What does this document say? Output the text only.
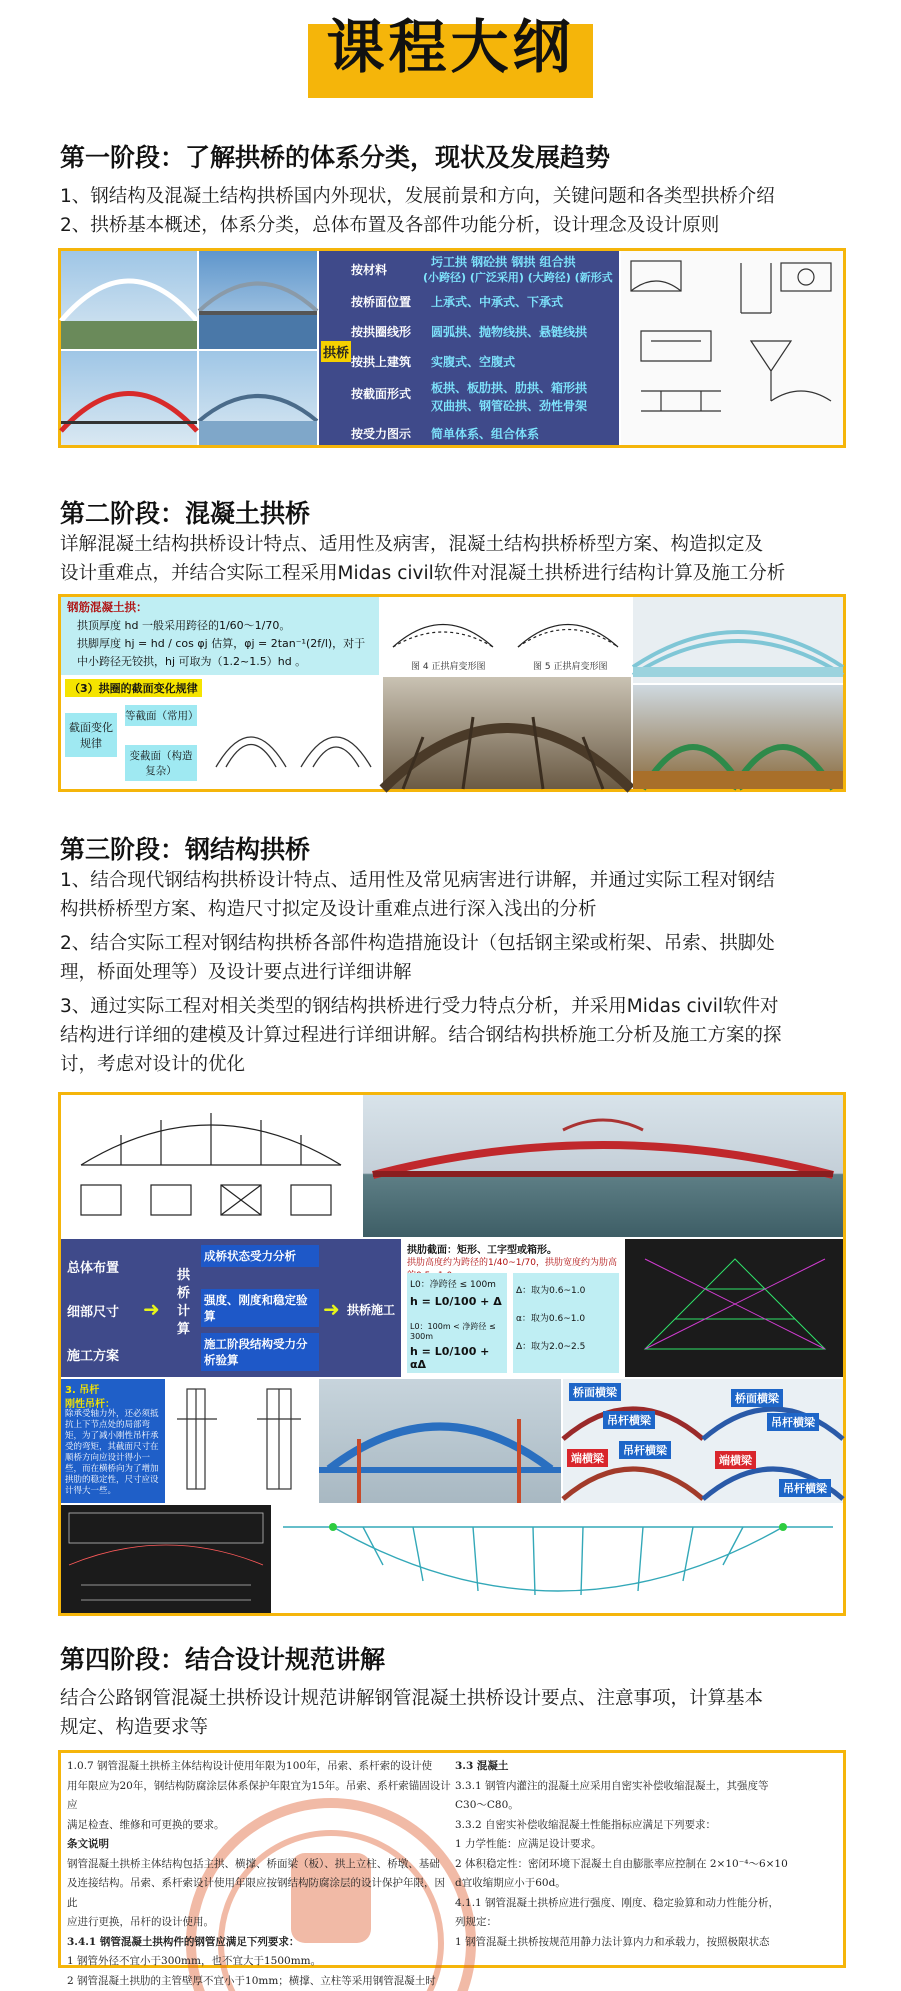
课程大纲
第一阶段：了解拱桥的体系分类，现状及发展趋势

1、钢结构及混凝土结构拱桥国内外现状，发展前景和方向，关键问题和各类型拱桥介绍

2、拱桥基本概述，体系分类，总体布置及各部件功能分析，设计理念及设计原则

拱桥
按材料
圬工拱 钢砼拱 钢拱 组合拱
(小跨径) (广泛采用) (大跨径) (新形式
按桥面位置 上承式、中承式、下承式
按拱圈线形 圆弧拱、抛物线拱、悬链线拱
按拱上建筑 实腹式、空腹式
按截面形式 板拱、板肋拱、肋拱、箱形拱
双曲拱、钢管砼拱、劲性骨架
按受力图示 简单体系、组合体系
第二阶段：混凝土拱桥

详解混凝土结构拱桥设计特点、适用性及病害，混凝土结构拱桥桥型方案、构造拟定及

设计重难点，并结合实际工程采用Midas civil软件对混凝土拱桥进行结构计算及施工分析

钢筋混凝土拱：
拱顶厚度 hd 一般采用跨径的1/60～1/70。
拱脚厚度 hj = hd / cos φj 估算，φj = 2tan⁻¹(2f/l)，对于
中小跨径无铰拱，hj 可取为（1.2~1.5）hd 。
（3）拱圈的截面变化规律
截面变化规律
等截面（常用）
变截面（构造复杂）
图 4 正拱肩变形图	图 5 正拱肩变形图
第三阶段：钢结构拱桥

1、结合现代钢结构拱桥设计特点、适用性及常见病害进行讲解，并通过实际工程对钢结

构拱桥桥型方案、构造尺寸拟定及设计重难点进行深入浅出的分析

2、结合实际工程对钢结构拱桥各部件构造措施设计（包括钢主梁或桁架、吊索、拱脚处

理，桥面处理等）及设计要点进行详细讲解

3、通过实际工程对相关类型的钢结构拱桥进行受力特点分析，并采用Midas civil软件对

结构进行详细的建模及计算过程进行详细讲解。结合钢结构拱桥施工分析及施工方案的探

讨，考虑对设计的优化

总体布置
细部尺寸
施工方案
➜
拱桥计算
成桥状态受力分析
强度、刚度和稳定验算
施工阶段结构受力分析验算
➜ 拱桥施工
拱肋截面：矩形、工字型或箱形。
拱肋高度约为跨径的1/40~1/70，拱肋宽度约为肋高
L0：净跨径 ≤ 100m
h = L0/100 + Δ
L0：100m < 净跨径 ≤ 300m
h = L0/100 + αΔ
Δ：取为0.6~1.0
α：取为0.6~1.0
Δ：取为2.0~2.5
3. 吊杆
刚性吊杆：
除承受轴力外，还必须抵抗上下节点处的局部弯矩，为了减小刚性吊杆承受的弯矩，其截面尺寸在顺桥方向应设计得小一些，而在横桥向为了增加拱肋的稳定性，尺寸应设计得大一些。
桥面横梁
吊杆横梁
桥面横梁
吊杆横梁
端横梁
吊杆横梁
端横梁
吊杆横梁
第四阶段：结合设计规范讲解

结合公路钢管混凝土拱桥设计规范讲解钢管混凝土拱桥设计要点、注意事项，计算基本

规定、构造要求等

1.0.7 钢管混凝土拱桥主体结构设计使用年限为100年，吊索、系杆索的设计使
用年限应为20年，钢结构防腐涂层体系保护年限宜为15年。吊索、系杆索锚固设计应
满足检查、维修和可更换的要求。
条文说明
钢管混凝土拱桥主体结构包括主拱、横撑、桥面梁（板）、拱上立柱、桥墩、基础
及连接结构。吊索、系杆索设计使用年限应按钢结构防腐涂层的设计保护年限，因此
应进行更换，吊杆的设计使用。
3.4.1 钢管混凝土拱构件的钢管应满足下列要求：
1 钢管外径不宜小于300mm，也不宜大于1500mm。
2 钢管混凝土拱肋的主管壁厚不宜小于10mm；横撑、立柱等采用钢管混凝土时
3.3 混凝土
3.3.1 钢管内灌注的混凝土应采用自密实补偿收缩混凝土，其强度等
C30～C80。
3.3.2 自密实补偿收缩混凝土性能指标应满足下列要求：
1 力学性能：应满足设计要求。
2 体积稳定性：密闭环境下混凝土自由膨胀率应控制在 2×10⁻⁴～6×10
d宜收缩期应小于60d。
4.1.1 钢管混凝土拱桥应进行强度、刚度、稳定验算和动力性能分析，
列规定：
1 钢管混凝土拱桥按规范用静力法计算内力和承载力，按照极限状态
